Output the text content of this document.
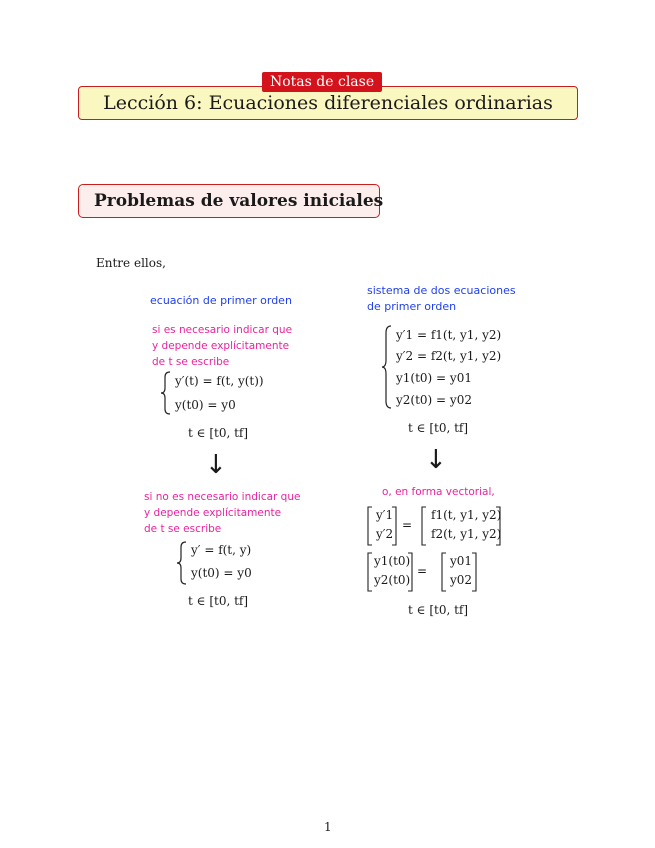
Notas de clase
Lección 6: Ecuaciones diferenciales ordinarias
Problemas de valores iniciales
Entre ellos,
ecuación de primer orden
si es necesario indicar que
y depende explícitamente
de t se escribe
y′(t) = f(t, y(t))
y(t0) = y0
t ∈ [t0, tf]
↓
si no es necesario indicar que
y depende explícitamente
de t se escribe
y′ = f(t, y)
y(t0) = y0
t ∈ [t0, tf]
sistema de dos ecuaciones
de primer orden
y′1 = f1(t, y1, y2)
y′2 = f2(t, y1, y2)
y1(t0) = y01
y2(t0) = y02
t ∈ [t0, tf]
↓
o, en forma vectorial,
y′1
y′2
=
f1(t, y1, y2)
f2(t, y1, y2)
y1(t0)
y2(t0)
=
y01
y02
t ∈ [t0, tf]
1
